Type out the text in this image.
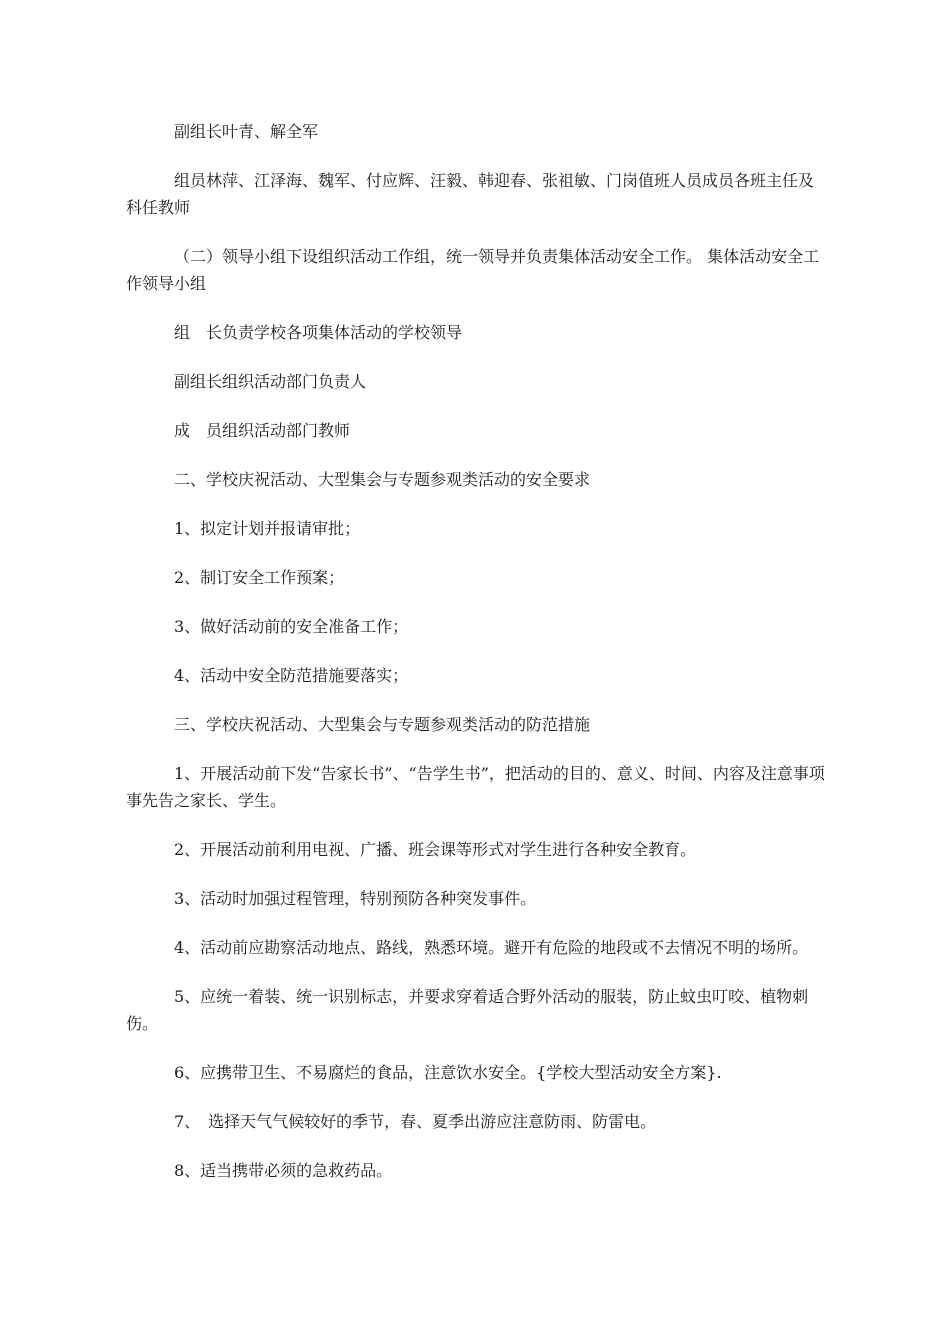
副组长叶青、解全军

组员林萍、江泽海、魏军、付应辉、汪毅、韩迎春、张祖敏、门岗值班人员成员各班主任及科任教师

（二）领导小组下设组织活动工作组，统一领导并负责集体活动安全工作。 集体活动安全工作领导小组

组　长负责学校各项集体活动的学校领导

副组长组织活动部门负责人

成　员组织活动部门教师

二、学校庆祝活动、大型集会与专题参观类活动的安全要求

1、拟定计划并报请审批；

2、制订安全工作预案；

3、做好活动前的安全准备工作；

4、活动中安全防范措施要落实；

三、学校庆祝活动、大型集会与专题参观类活动的防范措施

1、开展活动前下发“告家长书”、“告学生书”，把活动的目的、意义、时间、内容及注意事项事先告之家长、学生。

2、开展活动前利用电视、广播、班会课等形式对学生进行各种安全教育。

3、活动时加强过程管理，特别预防各种突发事件。

4、活动前应勘察活动地点、路线，熟悉环境。避开有危险的地段或不去情况不明的场所。

5、应统一着装、统一识别标志，并要求穿着适合野外活动的服装，防止蚊虫叮咬、植物刺伤。

6、应携带卫生、不易腐烂的食品，注意饮水安全。{学校大型活动安全方案}.

7、　选择天气气候较好的季节，春、夏季出游应注意防雨、防雷电。

8、适当携带必须的急救药品。
